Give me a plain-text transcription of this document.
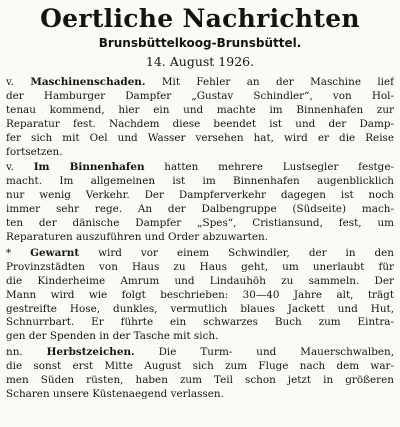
Oertliche Nachrichten
Brunsbüttelkoog-Brunsbüttel.
14. August 1926.
v. Maschinenschaden. Mit Fehler an der Maschine lief
der Hamburger Dampfer „Gustav Schindler“, von Hol-
tenau kommend, hier ein und machte im Binnenhafen zur
Reparatur fest. Nachdem diese beendet ist und der Damp-
fer sich mit Oel und Wasser versehen hat, wird er die Reise
fortsetzen.
v. Im Binnenhafen hatten mehrere Lustsegler festge-
macht. Im allgemeinen ist im Binnenhafen augenblicklich
nur wenig Verkehr. Der Dampferverkehr dagegen ist noch
immer sehr rege. An der Dalbengruppe (Südseite) mach-
ten der dänische Dampfer „Spes“, Cristiansund, fest, um
Reparaturen auszuführen und Order abzuwarten.
* Gewarnt wird vor einem Schwindler, der in den
Provinzstädten von Haus zu Haus geht, um unerlaubt für
die Kinderheime Amrum und Lindauhöh zu sammeln. Der
Mann wird wie folgt beschrieben: 30—40 Jahre alt, trägt
gestreifte Hose, dunkles, vermutlich blaues Jackett und Hut,
Schnurrbart. Er führte ein schwarzes Buch zum Eintra-
gen der Spenden in der Tasche mit sich.
nn. Herbstzeichen. Die Turm- und Mauerschwalben,
die sonst erst Mitte August sich zum Fluge nach dem war-
men Süden rüsten, haben zum Teil schon jetzt in größeren
Scharen unsere Küstenaegend verlassen.
